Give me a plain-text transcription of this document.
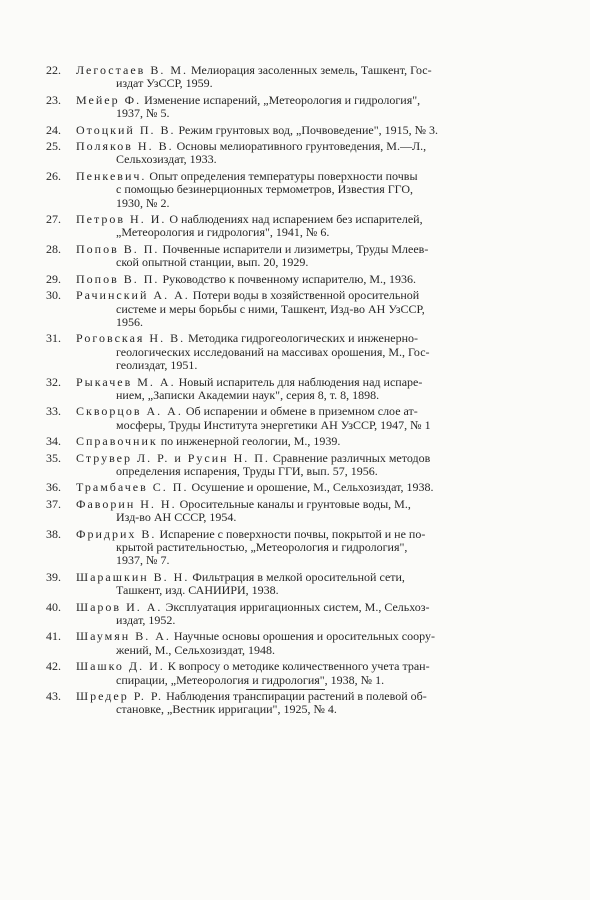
22.	Легостаев В. М. Мелиорация засоленных земель, Ташкент, Гос-
издат УзССР, 1959.
23.	Мейер Ф. Изменение испарений, „Метеорология и гидрология",
1937, № 5.
24.	Отоцкий П. В. Режим грунтовых вод, „Почвоведение", 1915, № 3.
25.	Поляков Н. В. Основы мелиоративного грунтоведения, М.—Л.,
Сельхозиздат, 1933.
26.	Пенкевич. Опыт определения температуры поверхности почвы
с помощью безинерционных термометров, Известия ГГО,
1930, № 2.
27.	Петров Н. И. О наблюдениях над испарением без испарителей,
„Метеорология и гидрология", 1941, № 6.
28.	Попов В. П. Почвенные испарители и лизиметры, Труды Млеев-
ской опытной станции, вып. 20, 1929.
29.	Попов В. П. Руководство к почвенному испарителю, М., 1936.
30.	Рачинский А. А. Потери воды в хозяйственной оросительной
системе и меры борьбы с ними, Ташкент, Изд-во АН УзССР,
1956.
31.	Роговская Н. В. Методика гидрогеологических и инженерно-
геологических исследований на массивах орошения, М., Гос-
геолиздат, 1951.
32.	Рыкачев М. А. Новый испаритель для наблюдения над испаре-
нием, „Записки Академии наук", серия 8, т. 8, 1898.
33.	Скворцов А. А. Об испарении и обмене в приземном слое ат-
мосферы, Труды Института энергетики АН УзССР, 1947, № 1
34.	Справочник по инженерной геологии, М., 1939.
35.	Струвер Л. Р. и Русин Н. П. Сравнение различных методов
определения испарения, Труды ГГИ, вып. 57, 1956.
36.	Трамбачев С. П. Осушение и орошение, М., Сельхозиздат, 1938.
37.	Фаворин Н. Н. Оросительные каналы и грунтовые воды, М.,
Изд-во АН СССР, 1954.
38.	Фридрих В. Испарение с поверхности почвы, покрытой и не по-
крытой растительностью, „Метеорология и гидрология",
1937, № 7.
39.	Шарашкин В. Н. Фильтрация в мелкой оросительной сети,
Ташкент, изд. САНИИРИ, 1938.
40.	Шаров И. А. Эксплуатация ирригационных систем, М., Сельхоз-
издат, 1952.
41.	Шаумян В. А. Научные основы орошения и оросительных соору-
жений, М., Сельхозиздат, 1948.
42.	Шашко Д. И. К вопросу о методике количественного учета тран-
спирации, „Метеорология и гидрология", 1938, № 1.
43.	Шредер Р. Р. Наблюдения транспирации растений в полевой об-
становке, „Вестник ирригации", 1925, № 4.
